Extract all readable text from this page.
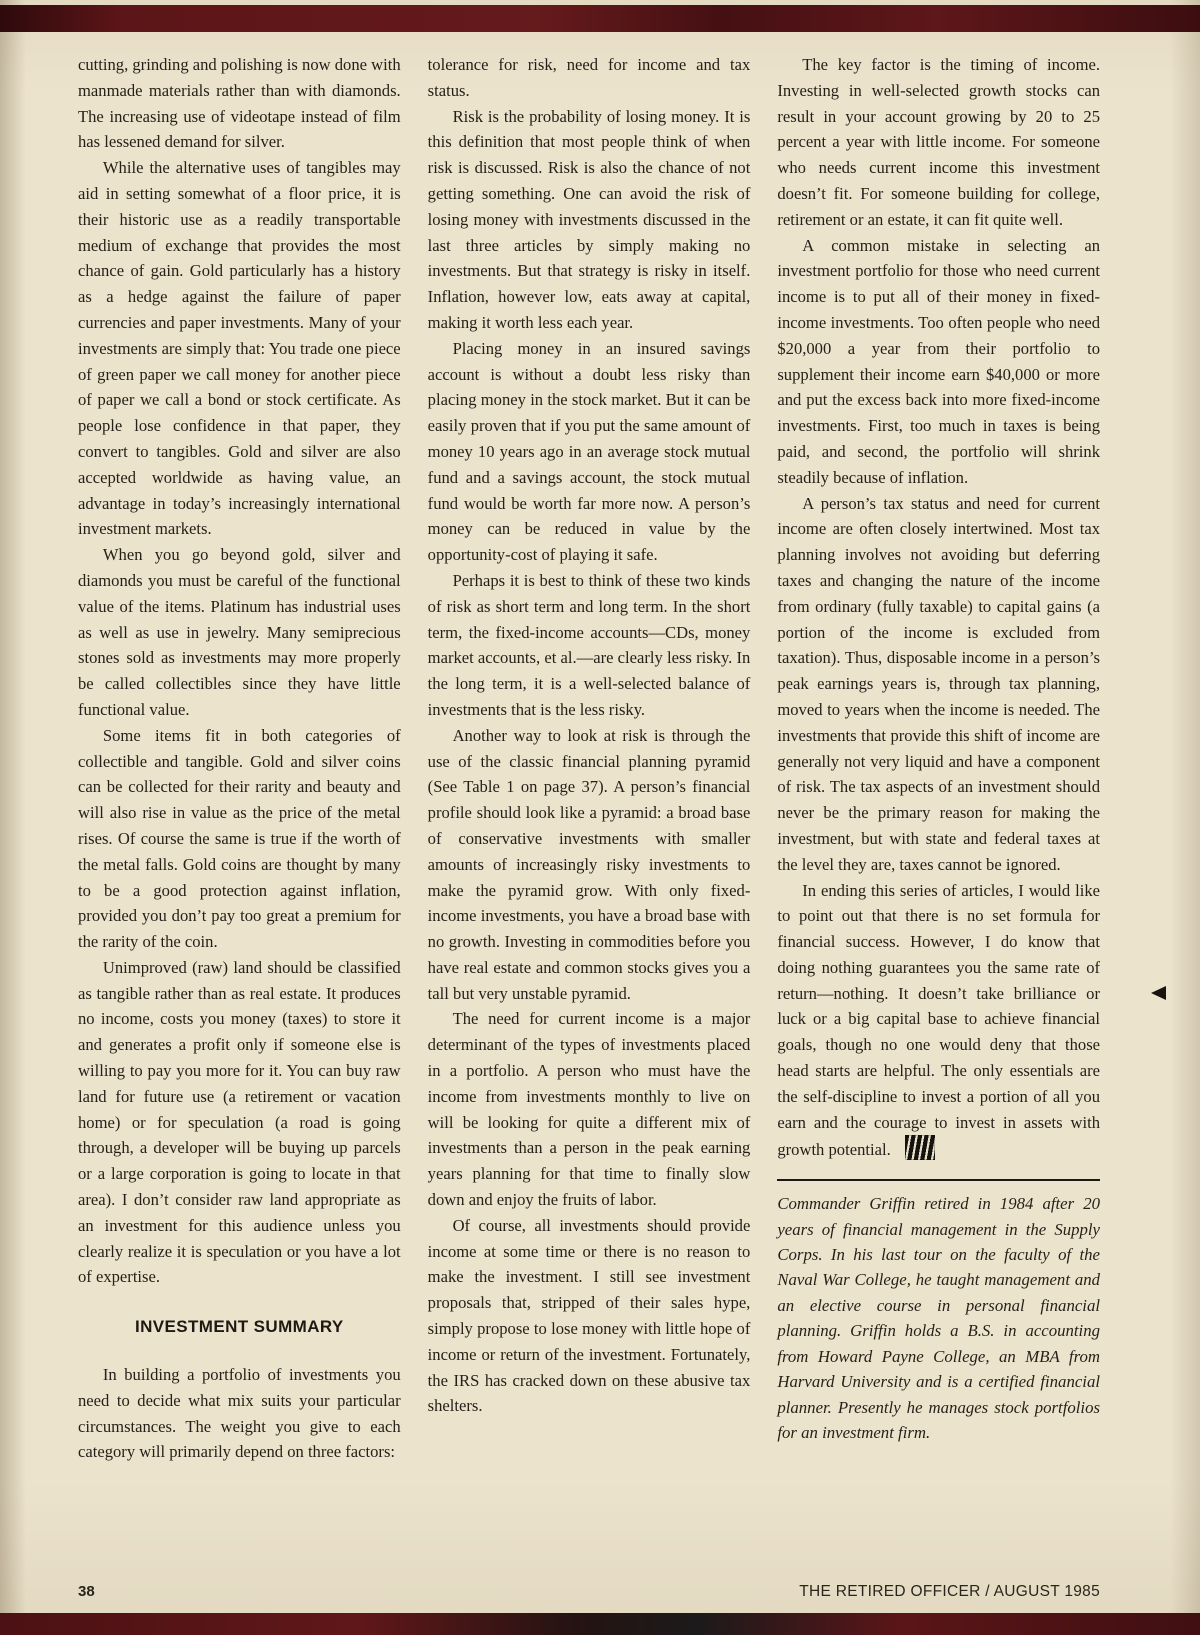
cutting, grinding and polishing is now done with manmade materials rather than with diamonds. The increasing use of videotape instead of film has lessened demand for silver.

While the alternative uses of tangibles may aid in setting somewhat of a floor price, it is their historic use as a readily transportable medium of exchange that provides the most chance of gain. Gold particularly has a history as a hedge against the failure of paper currencies and paper investments. Many of your investments are simply that: You trade one piece of green paper we call money for another piece of paper we call a bond or stock certificate. As people lose confidence in that paper, they convert to tangibles. Gold and silver are also accepted worldwide as having value, an advantage in today’s increasingly international investment markets.

When you go beyond gold, silver and diamonds you must be careful of the functional value of the items. Platinum has industrial uses as well as use in jewelry. Many semiprecious stones sold as investments may more properly be called collectibles since they have little functional value.

Some items fit in both categories of collectible and tangible. Gold and silver coins can be collected for their rarity and beauty and will also rise in value as the price of the metal rises. Of course the same is true if the worth of the metal falls. Gold coins are thought by many to be a good protection against inflation, provided you don’t pay too great a premium for the rarity of the coin.

Unimproved (raw) land should be classified as tangible rather than as real estate. It produces no income, costs you money (taxes) to store it and generates a profit only if someone else is willing to pay you more for it. You can buy raw land for future use (a retirement or vacation home) or for speculation (a road is going through, a developer will be buying up parcels or a large corporation is going to locate in that area). I don’t consider raw land appropriate as an investment for this audience unless you clearly realize it is speculation or you have a lot of expertise.

INVESTMENT SUMMARY

In building a portfolio of investments you need to decide what mix suits your particular circumstances. The weight you give to each category will primarily depend on three factors:

tolerance for risk, need for income and tax status.

Risk is the probability of losing money. It is this definition that most people think of when risk is discussed. Risk is also the chance of not getting something. One can avoid the risk of losing money with investments discussed in the last three articles by simply making no investments. But that strategy is risky in itself. Inflation, however low, eats away at capital, making it worth less each year.

Placing money in an insured savings account is without a doubt less risky than placing money in the stock market. But it can be easily proven that if you put the same amount of money 10 years ago in an average stock mutual fund and a savings account, the stock mutual fund would be worth far more now. A person’s money can be reduced in value by the opportunity-cost of playing it safe.

Perhaps it is best to think of these two kinds of risk as short term and long term. In the short term, the fixed-income accounts—CDs, money market accounts, et al.—are clearly less risky. In the long term, it is a well-selected balance of investments that is the less risky.

Another way to look at risk is through the use of the classic financial planning pyramid (See Table 1 on page 37). A person’s financial profile should look like a pyramid: a broad base of conservative investments with smaller amounts of increasingly risky investments to make the pyramid grow. With only fixed-income investments, you have a broad base with no growth. Investing in commodities before you have real estate and common stocks gives you a tall but very unstable pyramid.

The need for current income is a major determinant of the types of investments placed in a portfolio. A person who must have the income from investments monthly to live on will be looking for quite a different mix of investments than a person in the peak earning years planning for that time to finally slow down and enjoy the fruits of labor.

Of course, all investments should provide income at some time or there is no reason to make the investment. I still see investment proposals that, stripped of their sales hype, simply propose to lose money with little hope of income or return of the investment. Fortunately, the IRS has cracked down on these abusive tax shelters.

The key factor is the timing of income. Investing in well-selected growth stocks can result in your account growing by 20 to 25 percent a year with little income. For someone who needs current income this investment doesn’t fit. For someone building for college, retirement or an estate, it can fit quite well.

A common mistake in selecting an investment portfolio for those who need current income is to put all of their money in fixed-income investments. Too often people who need $20,000 a year from their portfolio to supplement their income earn $40,000 or more and put the excess back into more fixed-income investments. First, too much in taxes is being paid, and second, the portfolio will shrink steadily because of inflation.

A person’s tax status and need for current income are often closely intertwined. Most tax planning involves not avoiding but deferring taxes and changing the nature of the income from ordinary (fully taxable) to capital gains (a portion of the income is excluded from taxation). Thus, disposable income in a person’s peak earnings years is, through tax planning, moved to years when the income is needed. The investments that provide this shift of income are generally not very liquid and have a component of risk. The tax aspects of an investment should never be the primary reason for making the investment, but with state and federal taxes at the level they are, taxes cannot be ignored.

In ending this series of articles, I would like to point out that there is no set formula for financial success. However, I do know that doing nothing guarantees you the same rate of return—nothing. It doesn’t take brilliance or luck or a big capital base to achieve financial goals, though no one would deny that those head starts are helpful. The only essentials are the self-discipline to invest a portion of all you earn and the courage to invest in assets with growth potential.

Commander Griffin retired in 1984 after 20 years of financial management in the Supply Corps. In his last tour on the faculty of the Naval War College, he taught management and an elective course in personal financial planning. Griffin holds a B.S. in accounting from Howard Payne College, an MBA from Harvard University and is a certified financial planner. Presently he manages stock portfolios for an investment firm.

38	THE RETIRED OFFICER / AUGUST 1985
